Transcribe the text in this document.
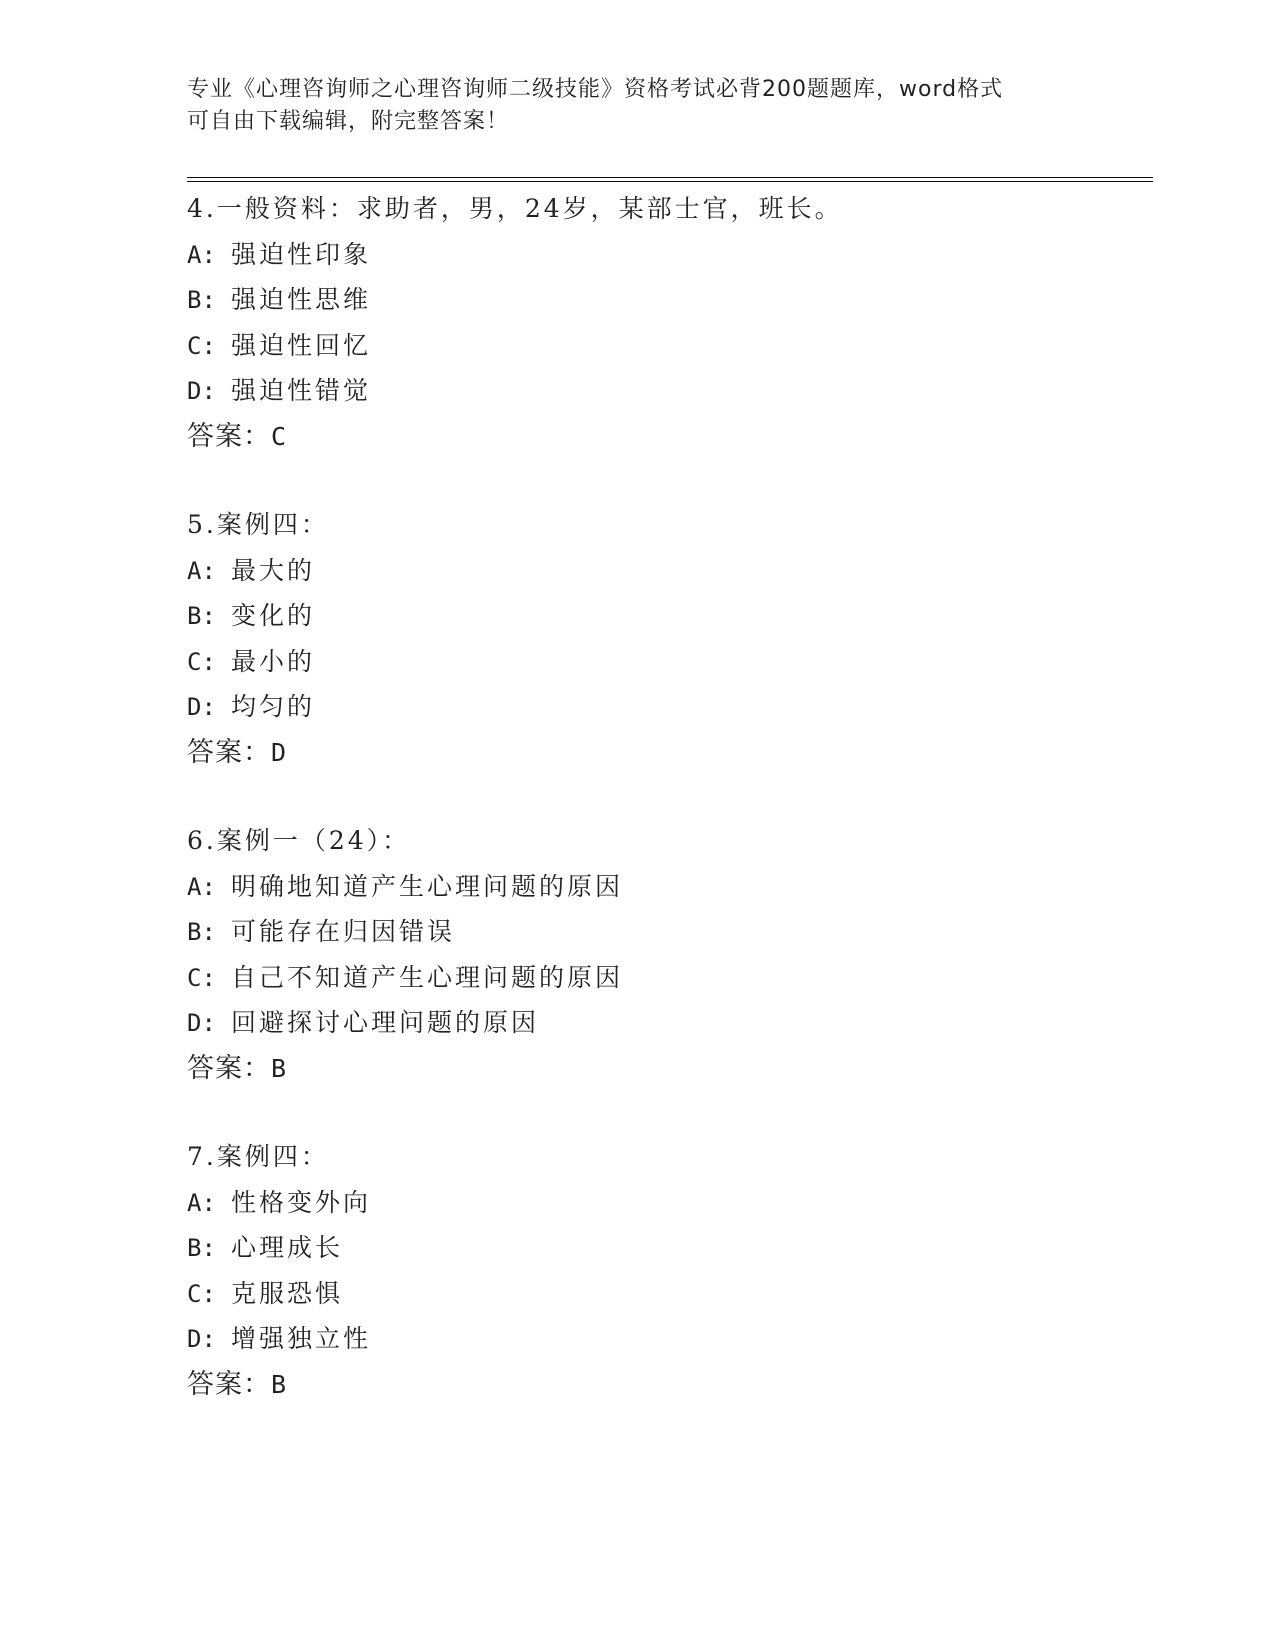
专业《心理咨询师之心理咨询师二级技能》资格考试必背200题题库，word格式
可自由下载编辑，附完整答案！
4.一般资料：求助者，男，24岁，某部士官，班长。
A: 强迫性印象
B: 强迫性思维
C: 强迫性回忆
D: 强迫性错觉
答案：C
5.案例四：
A: 最大的
B: 变化的
C: 最小的
D: 均匀的
答案：D
6.案例一（24）：
A: 明确地知道产生心理问题的原因
B: 可能存在归因错误
C: 自己不知道产生心理问题的原因
D: 回避探讨心理问题的原因
答案：B
7.案例四：
A: 性格变外向
B: 心理成长
C: 克服恐惧
D: 增强独立性
答案：B
